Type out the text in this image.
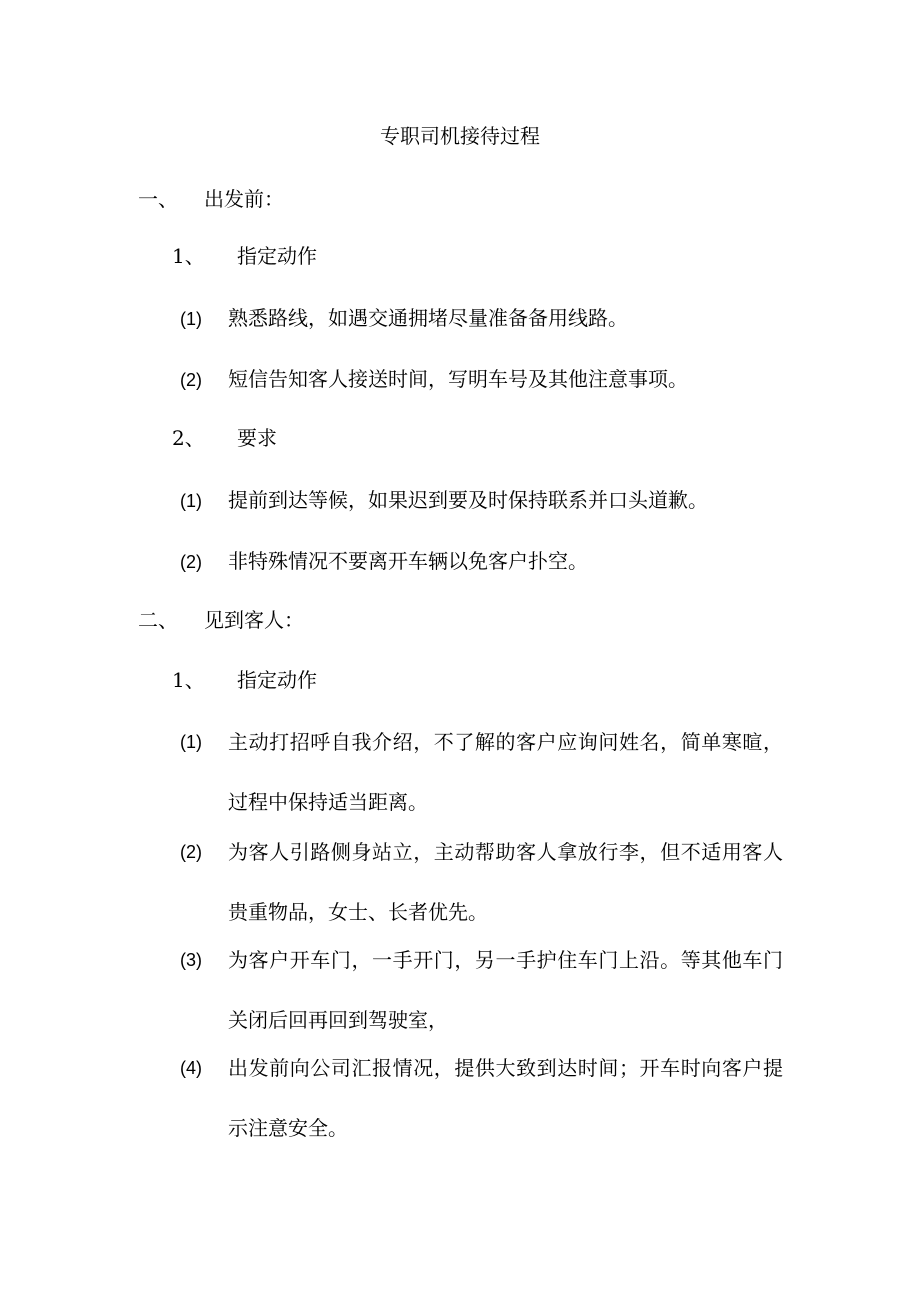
专职司机接待过程
一、 出发前：
1、 指定动作
(1) 熟悉路线，如遇交通拥堵尽量准备备用线路。
(2) 短信告知客人接送时间，写明车号及其他注意事项。
2、 要求
(1) 提前到达等候，如果迟到要及时保持联系并口头道歉。
(2) 非特殊情况不要离开车辆以免客户扑空。
二、 见到客人：
1、 指定动作
(1) 主动打招呼自我介绍，不了解的客户应询问姓名，简单寒暄，过程中保持适当距离。
(2) 为客人引路侧身站立，主动帮助客人拿放行李，但不适用客人贵重物品，女士、长者优先。
(3) 为客户开车门，一手开门，另一手护住车门上沿。等其他车门关闭后回再回到驾驶室，
(4) 出发前向公司汇报情况，提供大致到达时间；开车时向客户提示注意安全。
